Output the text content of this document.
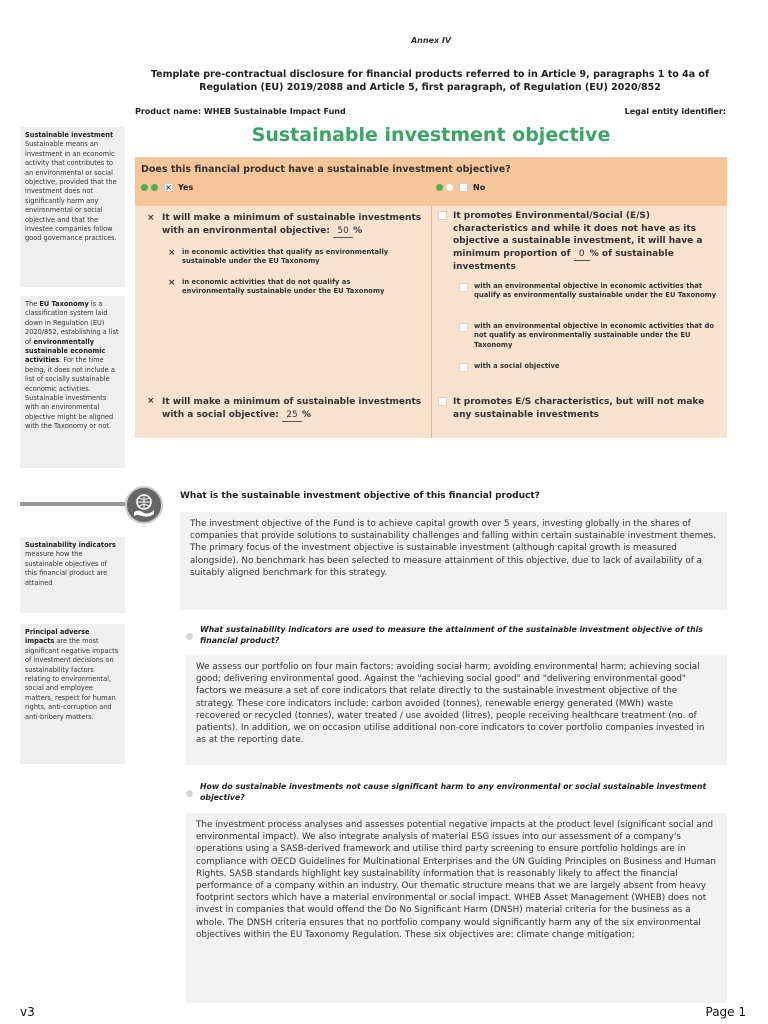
Annex IV
Template pre-contractual disclosure for financial products referred to in Article 9, paragraphs 1 to 4a of Regulation (EU) 2019/2088 and Article 5, first paragraph, of Regulation (EU) 2020/852
Product name: WHEB Sustainable Impact Fund	Legal entity identifier:
Sustainable investment Sustainable means an investment in an economic activity that contributes to an environmental or social objective, provided that the investment does not significantly harm any environmental or social objective and that the investee companies follow good governance practices.
The EU Taxonomy is a classification system laid down in Regulation (EU) 2020/852, establishing a list of environmentally sustainable economic activities. For the time being, it does not include a list of socially sustainable economic activities. Sustainable investments with an environmental objective might be aligned with the Taxonomy or not.
Sustainability indicators measure how the sustainable objectives of this financial product are attained
Principal adverse impacts are the most significant negative impacts of investment decisions on sustainability factors relating to environmental, social and employee matters, respect for human rights, anti-corruption and anti-bribery matters.
Sustainable investment objective
Does this financial product have a sustainable investment objective?
× Yes	No
× It will make a minimum of sustainable investments with an environmental objective: 50 %
× in economic activities that qualify as environmentally sustainable under the EU Taxonomy
× in economic activities that do not qualify as environmentally sustainable under the EU Taxonomy
× It will make a minimum of sustainable investments with a social objective: 25 %
It promotes Environmental/Social (E/S) characteristics and while it does not have as its objective a sustainable investment, it will have a minimum proportion of 0 % of sustainable investments
with an environmental objective in economic activities that qualify as environmentally sustainable under the EU Taxonomy
with an environmental objective in economic activities that do not qualify as environmentally sustainable under the EU Taxonomy
with a social objective
It promotes E/S characteristics, but will not make any sustainable investments
What is the sustainable investment objective of this financial product?
The investment objective of the Fund is to achieve capital growth over 5 years, investing globally in the shares of companies that provide solutions to sustainability challenges and falling within certain sustainable investment themes. The primary focus of the investment objective is sustainable investment (although capital growth is measured alongside). No benchmark has been selected to measure attainment of this objective, due to lack of availability of a suitably aligned benchmark for this strategy.
What sustainability indicators are used to measure the attainment of the sustainable investment objective of this financial product?
We assess our portfolio on four main factors: avoiding social harm; avoiding environmental harm; achieving social good; delivering environmental good. Against the "achieving social good" and "delivering environmental good" factors we measure a set of core indicators that relate directly to the sustainable investment objective of the strategy. These core indicators include: carbon avoided (tonnes), renewable energy generated (MWh) waste recovered or recycled (tonnes), water treated / use avoided (litres), people receiving healthcare treatment (no. of patients). In addition, we on occasion utilise additional non-core indicators to cover portfolio companies invested in as at the reporting date.
How do sustainable investments not cause significant harm to any environmental or social sustainable investment objective?
The investment process analyses and assesses potential negative impacts at the product level (significant social and environmental impact). We also integrate analysis of material ESG issues into our assessment of a company's operations using a SASB-derived framework and utilise third party screening to ensure portfolio holdings are in compliance with OECD Guidelines for Multinational Enterprises and the UN Guiding Principles on Business and Human Rights. SASB standards highlight key sustainability information that is reasonably likely to affect the financial performance of a company within an industry. Our thematic structure means that we are largely absent from heavy footprint sectors which have a material environmental or social impact. WHEB Asset Management (WHEB) does not invest in companies that would offend the Do No Significant Harm (DNSH) material criteria for the business as a whole. The DNSH criteria ensures that no portfolio company would significantly harm any of the six environmental objectives within the EU Taxonomy Regulation. These six objectives are: climate change mitigation;
v3	Page 1
